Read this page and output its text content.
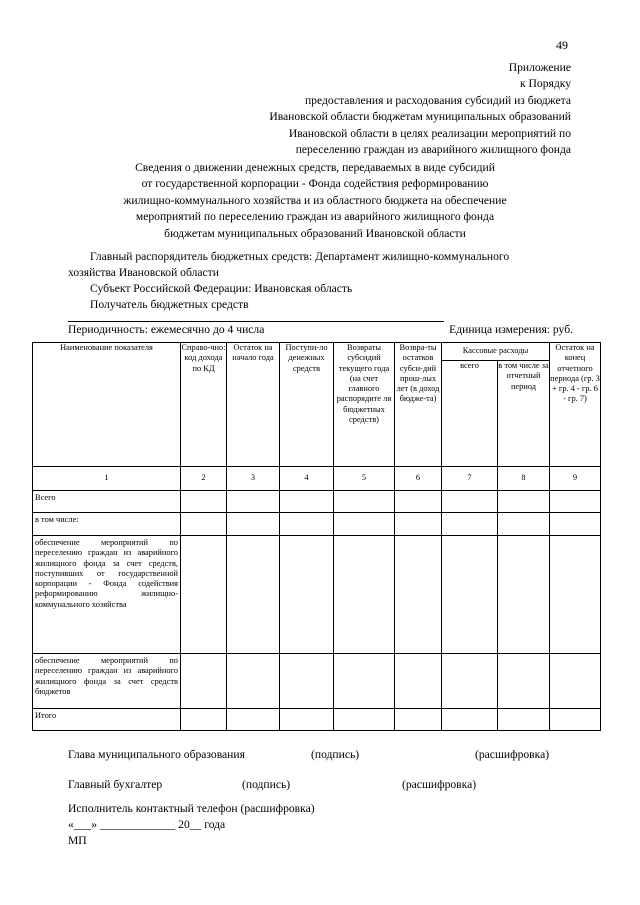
49
Приложение
к Порядку
предоставления и расходования субсидий из бюджета
Ивановской области бюджетам муниципальных образований
Ивановской области в целях реализации мероприятий по
переселению граждан из аварийного жилищного фонда
Сведения о движении денежных средств, передаваемых в виде субсидий
от государственной корпорации - Фонда содействия реформированию
жилищно-коммунального хозяйства и из областного бюджета на обеспечение
мероприятий по переселению граждан из аварийного жилищного фонда
бюджетам муниципальных образований Ивановской области
Главный распорядитель бюджетных средств: Департамент жилищно-коммунального
хозяйства Ивановской области
Субъект Российской Федерации: Ивановская область
Получатель бюджетных средств
Периодичность: ежемесячно до 4 числа	Единица измерения: руб.
Наименование показателя	Справо-чно: код дохода по КД	Остаток на начало года	Поступи-ло денежных средств	Возвраты субсидий текущего года (на счет главного распорядите ля бюджетных средств)	Возвра-ты остатков субси-дий прош-лых лет (в доход бюдже-та)	Кассовые расходы		Остаток на конец отчетного периода (гр. 3 + гр. 4 - гр. 6 - гр. 7)
						всего	в том числе за отчетный период	
1	2	3	4	5	6	7	8	9
Всего								
в том числе:								
обеспечение мероприятий по переселению граждан из аварийного жилищного фонда за счет средств, поступивших от государственной корпорации - Фонда содействия реформированию жилищно-коммунального хозяйства								
обеспечение мероприятий по переселению граждан из аварийного жилищного фонда за счет средств бюджетов								
Итого								
Глава муниципального образования	(подпись)	(расшифровка)
Главный бухгалтер	(подпись)	(расшифровка)
Исполнитель контактный телефон (расшифровка)
«___» _____________ 20__ года
МП
